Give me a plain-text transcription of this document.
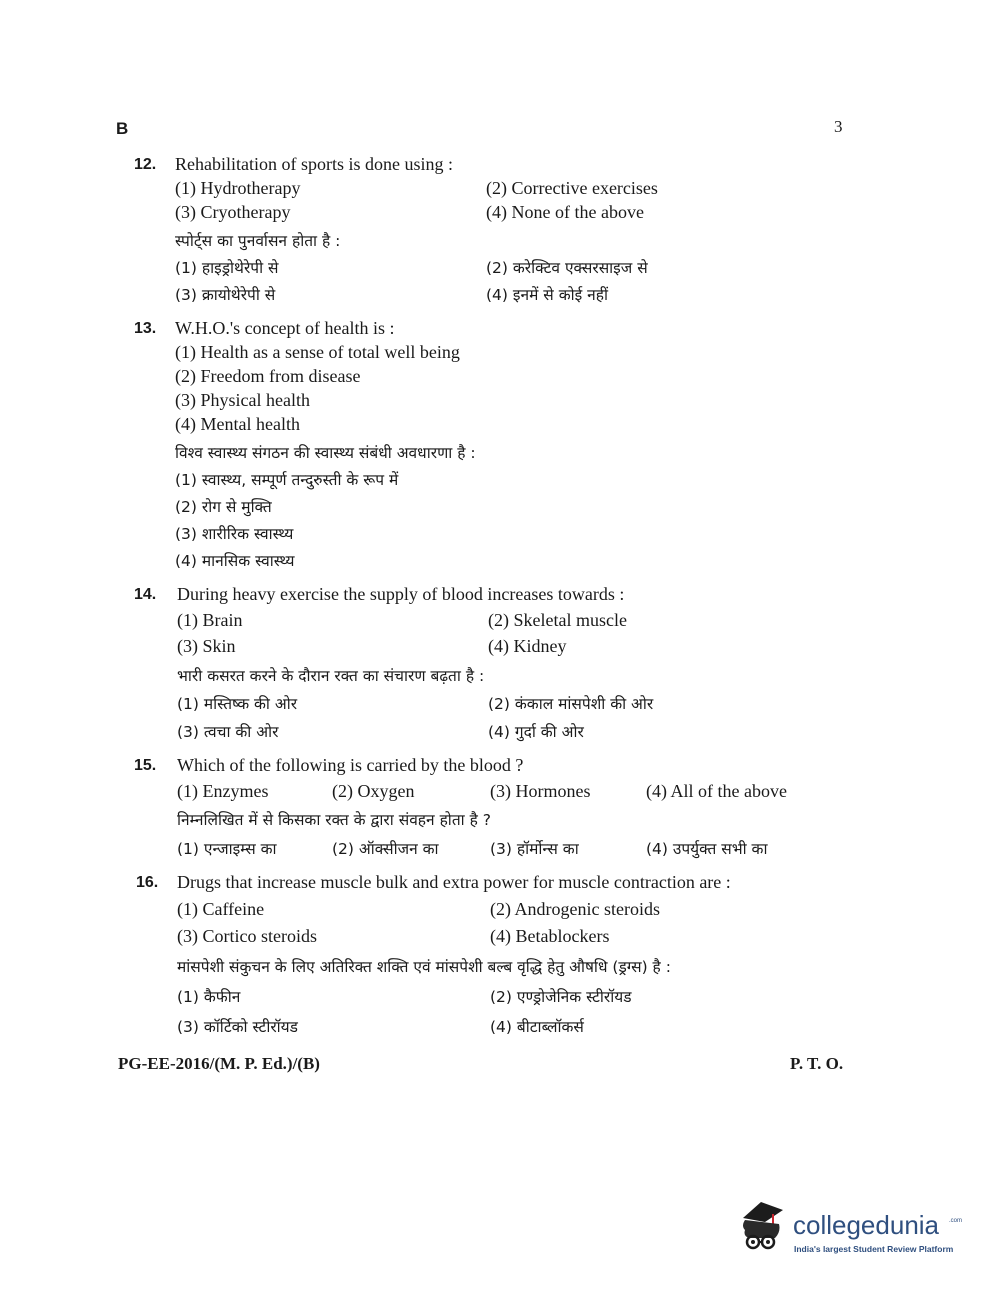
B	3
12. Rehabilitation of sports is done using :
(1) Hydrotherapy	(2) Corrective exercises
(3) Cryotherapy	(4) None of the above
स्पोर्ट्स का पुनर्वासन होता है :
(1) हाइड्रोथेरेपी से	(2) करेक्टिव एक्सरसाइज से
(3) क्रायोथेरेपी से	(4) इनमें से कोई नहीं
13. W.H.O.'s concept of health is :
(1) Health as a sense of total well being
(2) Freedom from disease
(3) Physical health
(4) Mental health
विश्व स्वास्थ्य संगठन की स्वास्थ्य संबंधी अवधारणा है :
(1) स्वास्थ्य, सम्पूर्ण तन्दुरुस्ती के रूप में
(2) रोग से मुक्ति
(3) शारीरिक स्वास्थ्य
(4) मानसिक स्वास्थ्य
14. During heavy exercise the supply of blood increases towards :
(1) Brain	(2) Skeletal muscle
(3) Skin	(4) Kidney
भारी कसरत करने के दौरान रक्त का संचारण बढ़ता है :
(1) मस्तिष्क की ओर	(2) कंकाल मांसपेशी की ओर
(3) त्वचा की ओर	(4) गुर्दा की ओर
15. Which of the following is carried by the blood ?
(1) Enzymes	(2) Oxygen	(3) Hormones	(4) All of the above
निम्नलिखित में से किसका रक्त के द्वारा संवहन होता है ?
(1) एन्जाइम्स का	(2) ऑक्सीजन का	(3) हॉर्मोन्स का	(4) उपर्युक्त सभी का
16. Drugs that increase muscle bulk and extra power for muscle contraction are :
(1) Caffeine	(2) Androgenic steroids
(3) Cortico steroids	(4) Betablockers
मांसपेशी संकुचन के लिए अतिरिक्त शक्ति एवं मांसपेशी बल्ब वृद्धि हेतु औषधि (ड्रग्स) है :
(1) कैफीन	(2) एण्ड्रोजेनिक स्टीरॉयड
(3) कॉर्टिको स्टीरॉयड	(4) बीटाब्लॉकर्स
PG-EE-2016/(M. P. Ed.)/(B)	P. T. O.
collegedunia .com
India's largest Student Review Platform
